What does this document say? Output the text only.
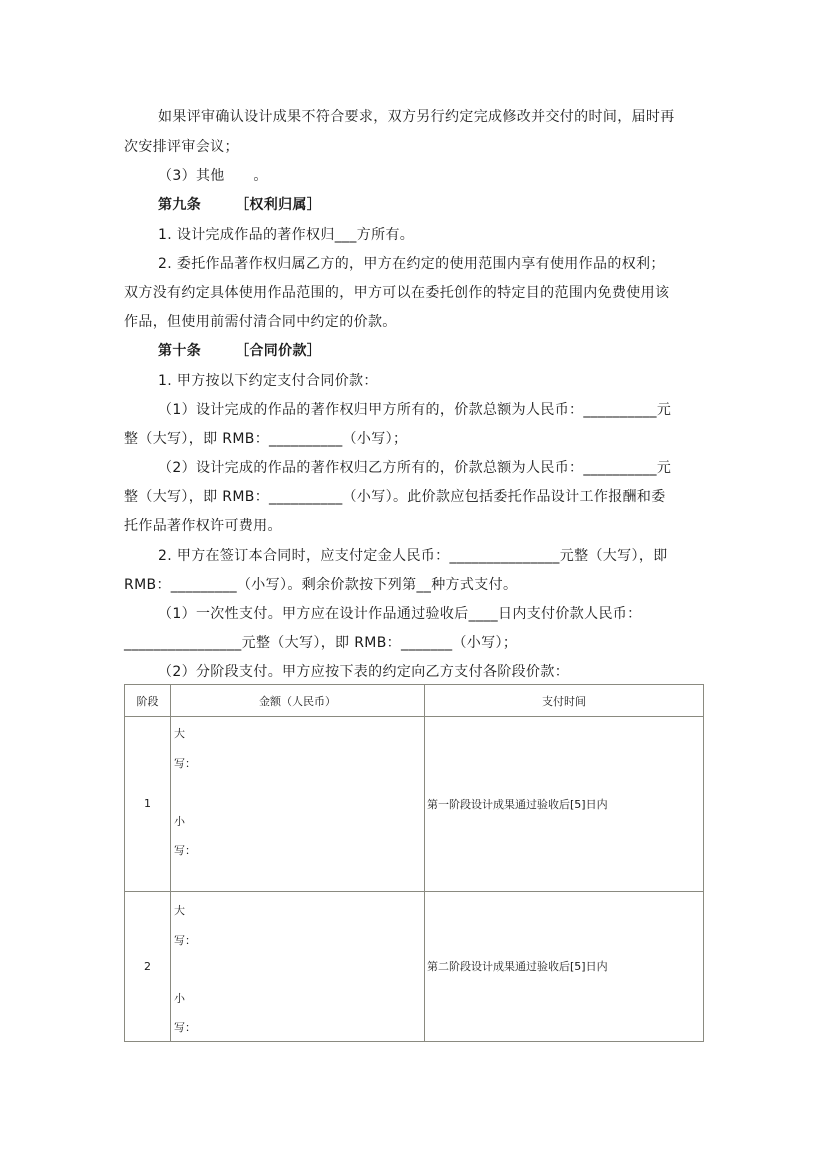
如果评审确认设计成果不符合要求，双方另行约定完成修改并交付的时间，届时再
次安排评审会议；
（3）其他　　。
第九条 ［权利归属］
1. 设计完成作品的著作权归___方所有。
2. 委托作品著作权归属乙方的，甲方在约定的使用范围内享有使用作品的权利；
双方没有约定具体使用作品范围的，甲方可以在委托创作的特定目的范围内免费使用该
作品，但使用前需付清合同中约定的价款。
第十条 ［合同价款］
1. 甲方按以下约定支付合同价款：
（1）设计完成的作品的著作权归甲方所有的，价款总额为人民币：__________元
整（大写），即 RMB：__________（小写）；
（2）设计完成的作品的著作权归乙方所有的，价款总额为人民币：__________元
整（大写），即 RMB：__________（小写）。此价款应包括委托作品设计工作报酬和委
托作品著作权许可费用。
2. 甲方在签订本合同时，应支付定金人民币：_______________元整（大写），即
RMB：_________（小写）。剩余价款按下列第__种方式支付。
（1）一次性支付。甲方应在设计作品通过验收后____日内支付价款人民币：
________________元整（大写），即 RMB：_______（小写）；
（2）分阶段支付。甲方应按下表的约定向乙方支付各阶段价款：
阶段	金额（人民币）	支付时间
1	大
写：
小
写：	第一阶段设计成果通过验收后[5]日内
2	大
写：
小
写：	第二阶段设计成果通过验收后[5]日内
